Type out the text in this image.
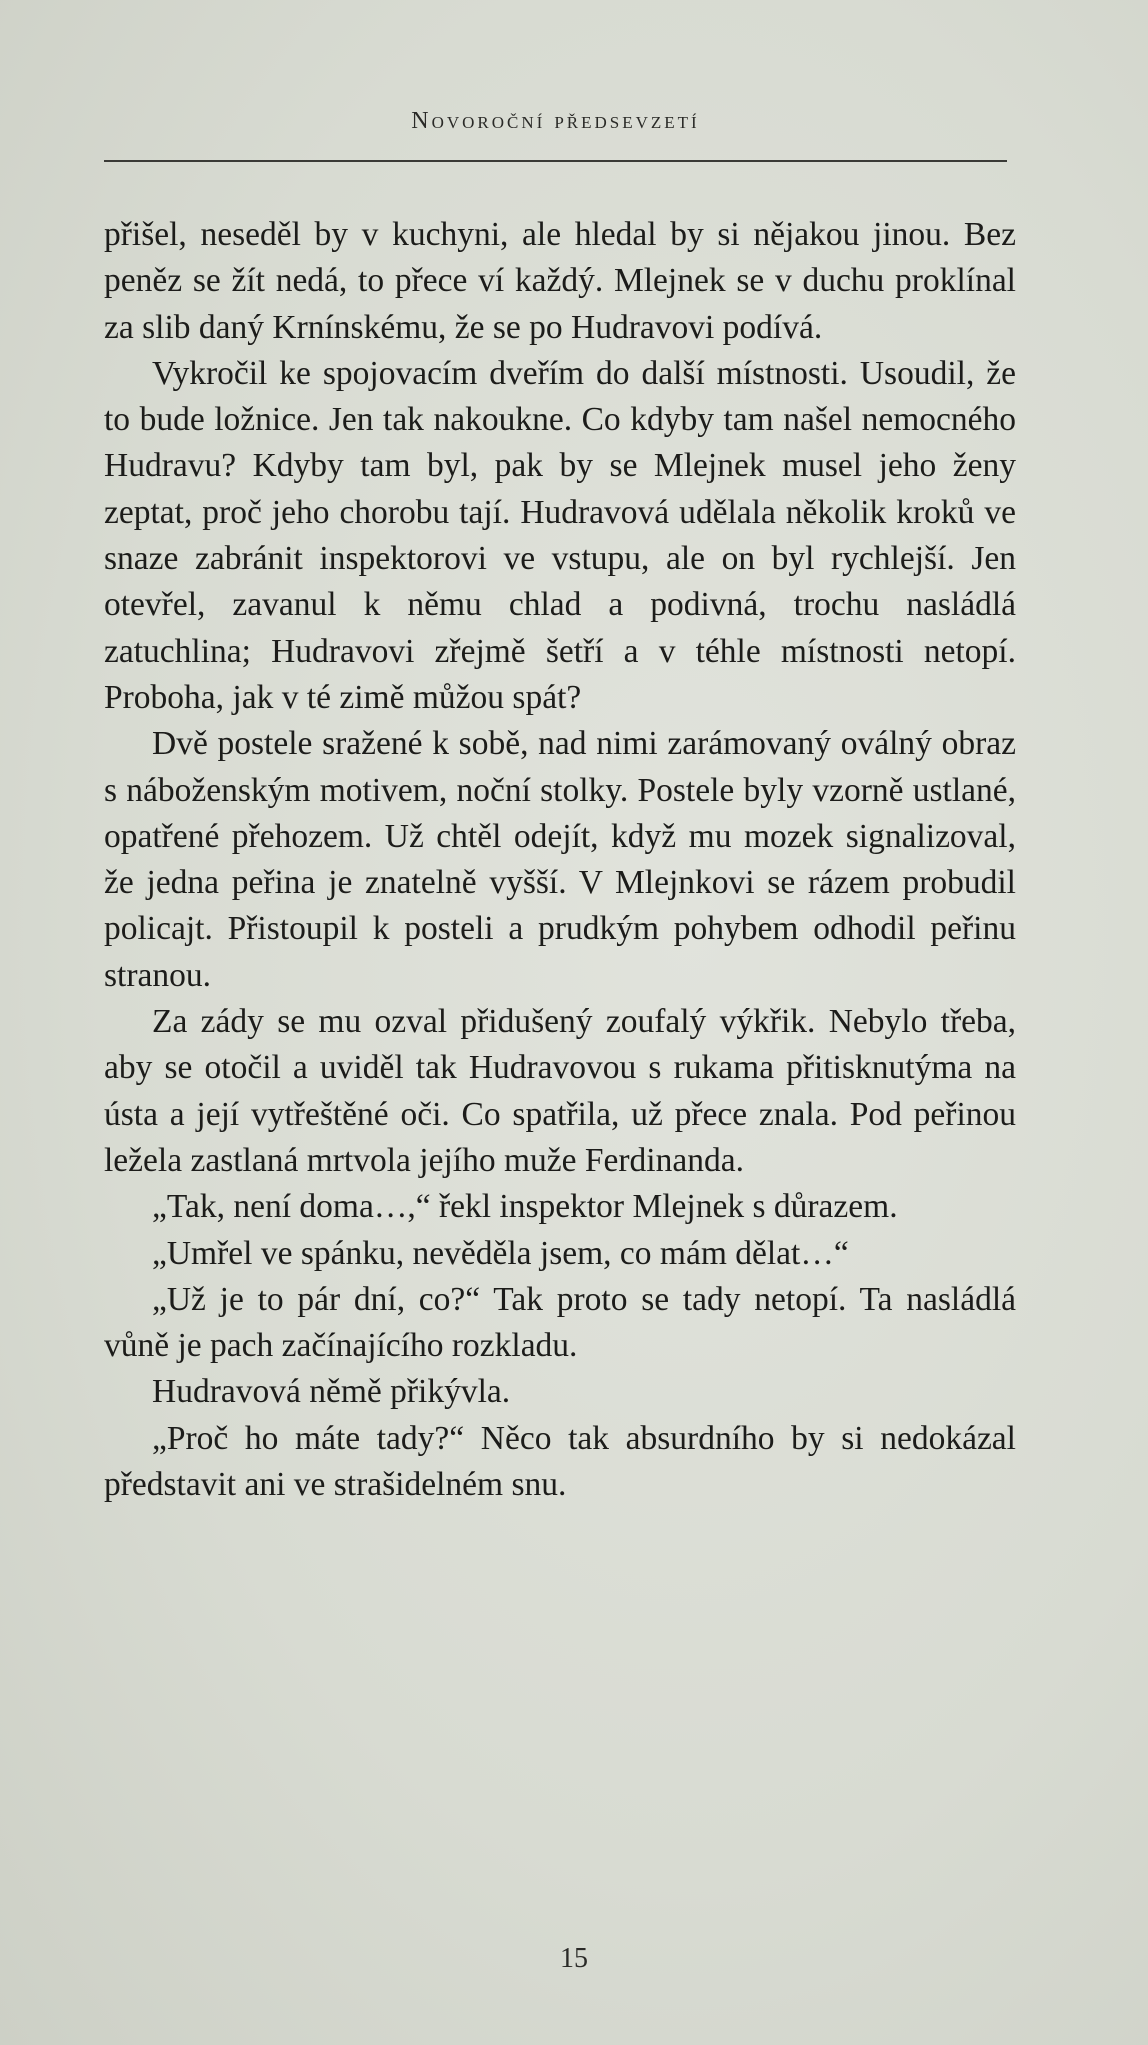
Novoroční předsevzetí

přišel, neseděl by v kuchyni, ale hledal by si nějakou jinou. Bez peněz se žít nedá, to přece ví každý. Mlejnek se v duchu proklínal za slib daný Krnínskému, že se po Hudravovi podívá.

Vykročil ke spojovacím dveřím do další místnosti. Usoudil, že to bude ložnice. Jen tak nakoukne. Co kdyby tam našel nemocného Hudravu? Kdyby tam byl, pak by se Mlejnek musel jeho ženy zeptat, proč jeho chorobu tají. Hudravová udělala několik kroků ve snaze zabránit inspektorovi ve vstupu, ale on byl rychlejší. Jen otevřel, zavanul k němu chlad a podivná, trochu nasládlá zatuchlina; Hudravovi zřejmě šetří a v téhle místnosti netopí. Proboha, jak v té zimě můžou spát?

Dvě postele sražené k sobě, nad nimi zarámovaný oválný obraz s náboženským motivem, noční stolky. Postele byly vzorně ustlané, opatřené přehozem. Už chtěl odejít, když mu mozek signalizoval, že jedna peřina je znatelně vyšší. V Mlejnkovi se rázem probudil policajt. Přistoupil k posteli a prudkým pohybem odhodil peřinu stranou.

Za zády se mu ozval přidušený zoufalý výkřik. Nebylo třeba, aby se otočil a uviděl tak Hudravovou s rukama přitisknutýma na ústa a její vytřeštěné oči. Co spatřila, už přece znala. Pod peřinou ležela zastlaná mrtvola jejího muže Ferdinanda.

„Tak, není doma…,“ řekl inspektor Mlejnek s důrazem.

„Umřel ve spánku, nevěděla jsem, co mám dělat…“

„Už je to pár dní, co?“ Tak proto se tady netopí. Ta nasládlá vůně je pach začínajícího rozkladu.

Hudravová němě přikývla.

„Proč ho máte tady?“ Něco tak absurdního by si nedokázal představit ani ve strašidelném snu.

15
